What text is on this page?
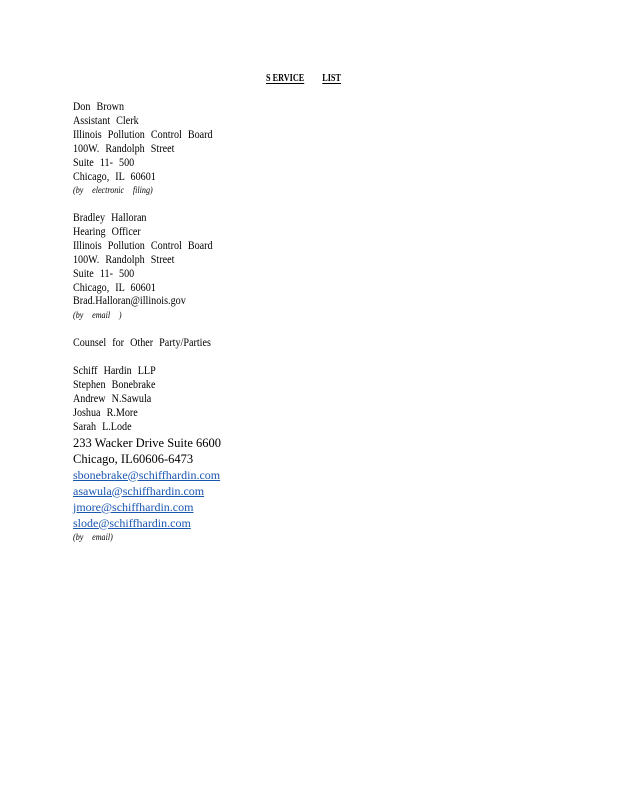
S ERVICE LIST
Don Brown
Assistant Clerk
Illinois Pollution Control Board
100W. Randolph Street
Suite 11- 500
Chicago, IL 60601
(by electronic filing)
Bradley Halloran
Hearing Officer
Illinois Pollution Control Board
100W. Randolph Street
Suite 11- 500
Chicago, IL 60601
Brad.Halloran@illinois.gov
(by email )
Counsel for Other Party/Parties
Schiff Hardin LLP
Stephen Bonebrake
Andrew N.Sawula
Joshua R.More
Sarah L.Lode
233 Wacker Drive Suite 6600
Chicago, IL60606-6473
sbonebrake@schiffhardin.com
asawula@schiffhardin.com
jmore@schiffhardin.com
slode@schiffhardin.com
(by email)
